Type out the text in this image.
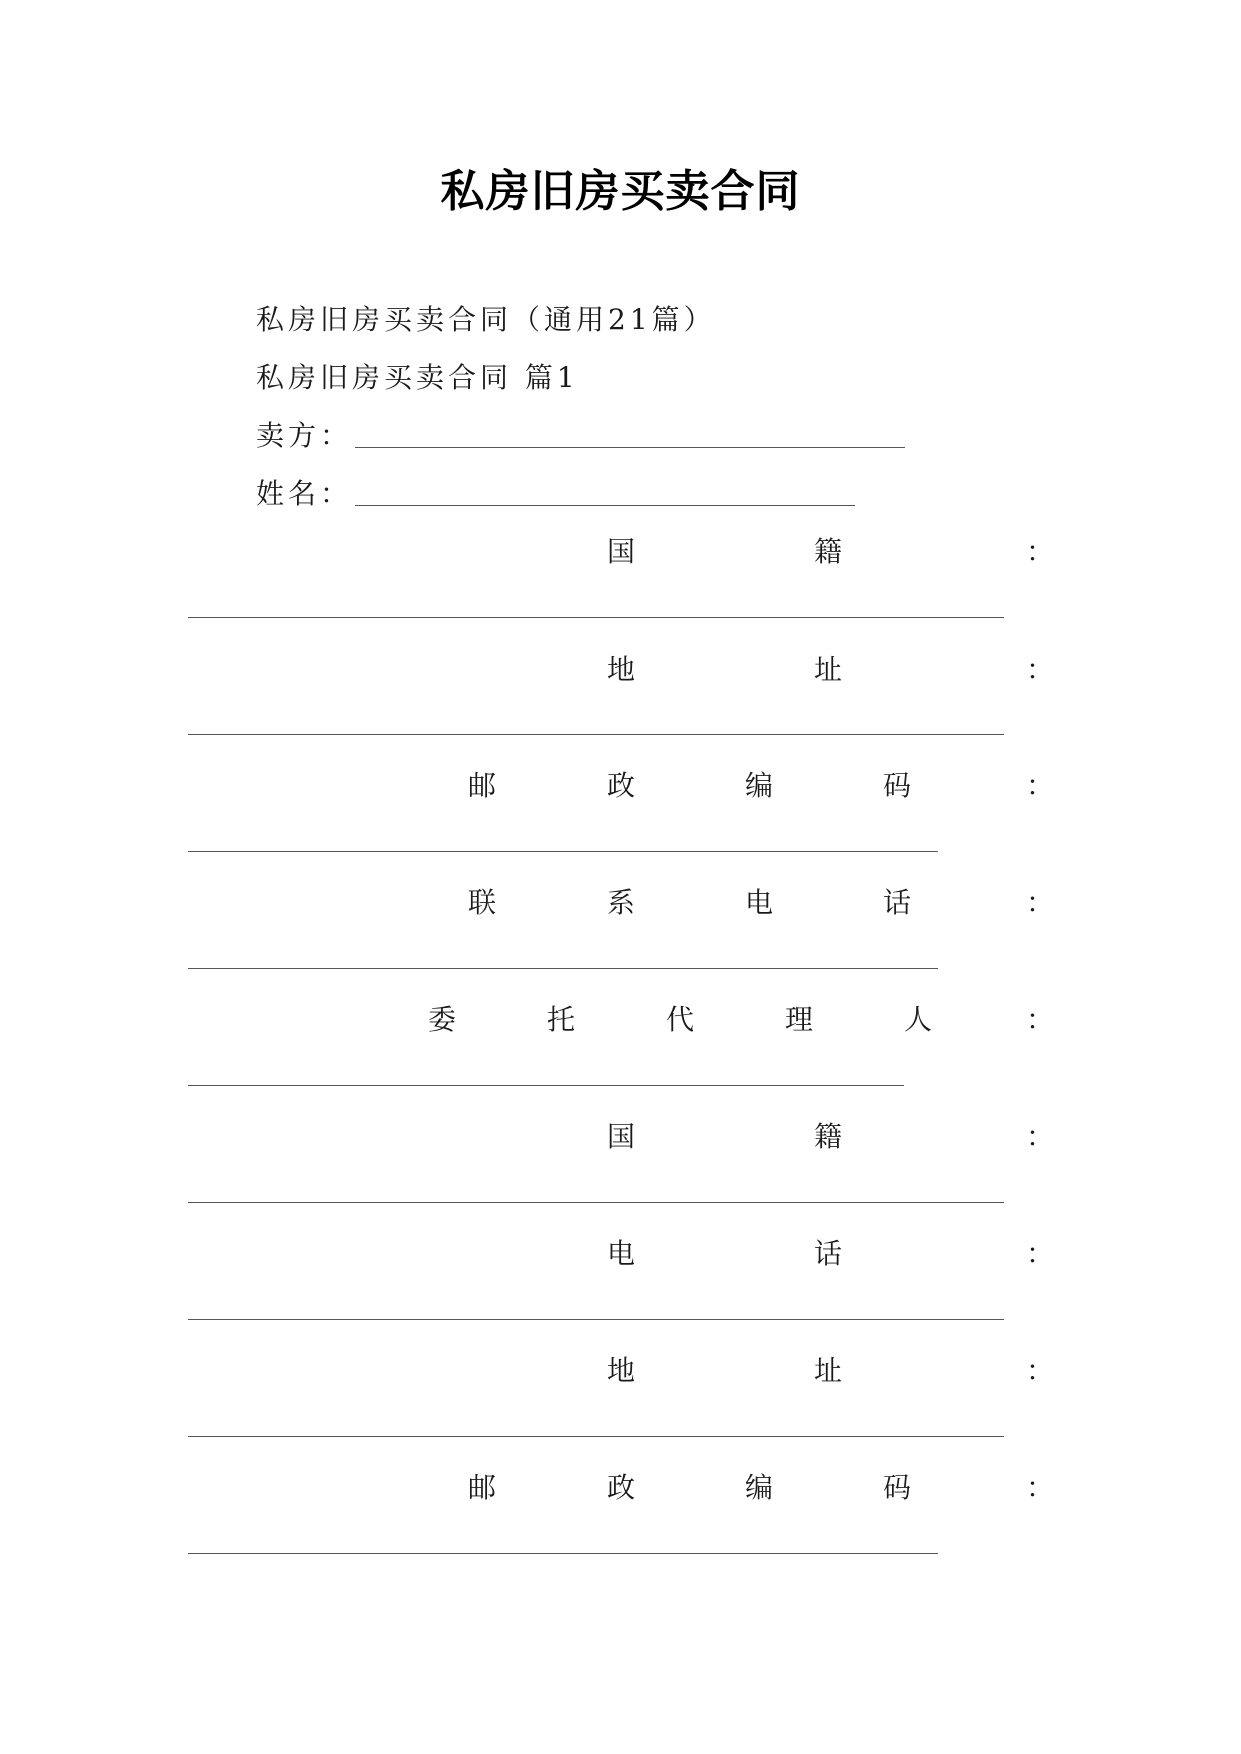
私房旧房买卖合同
私房旧房买卖合同（通用21篇）
私房旧房买卖合同 篇1
卖方：
姓名：
国	籍	：
地	址	：
邮	政	编	码	：
联	系	电	话	：
委	托	代	理	人	：
国	籍	：
电	话	：
地	址	：
邮	政	编	码	：
